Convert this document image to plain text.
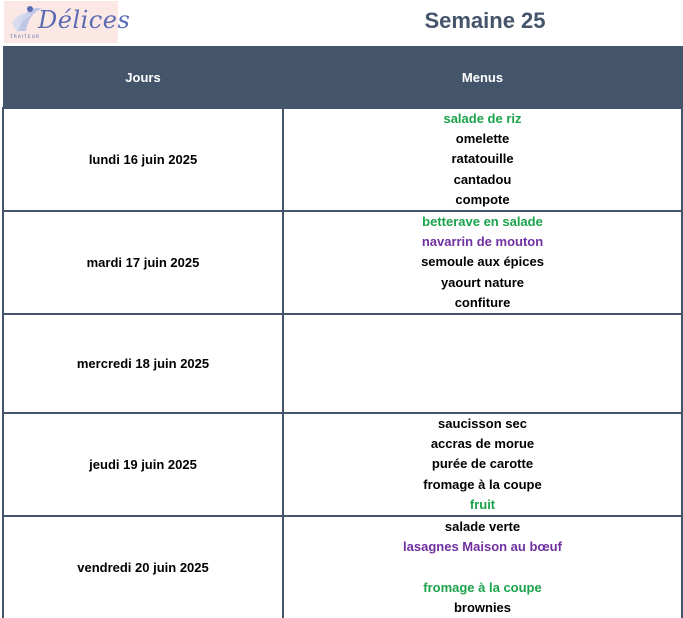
Délices
TRAITEUR
Semaine 25
Jours	Menus
lundi 16 juin 2025	salade de riz
omelette
ratatouille
cantadou
compote

mardi 17 juin 2025	betterave en salade
navarrin de mouton
semoule aux épices
yaourt nature
confiture

mercredi 18 juin 2025	
jeudi 19 juin 2025	saucisson sec
accras de morue
purée de carotte
fromage à la coupe
fruit

vendredi 20 juin 2025	salade verte
lasagnes Maison au bœuf
fromage à la coupe
brownies
